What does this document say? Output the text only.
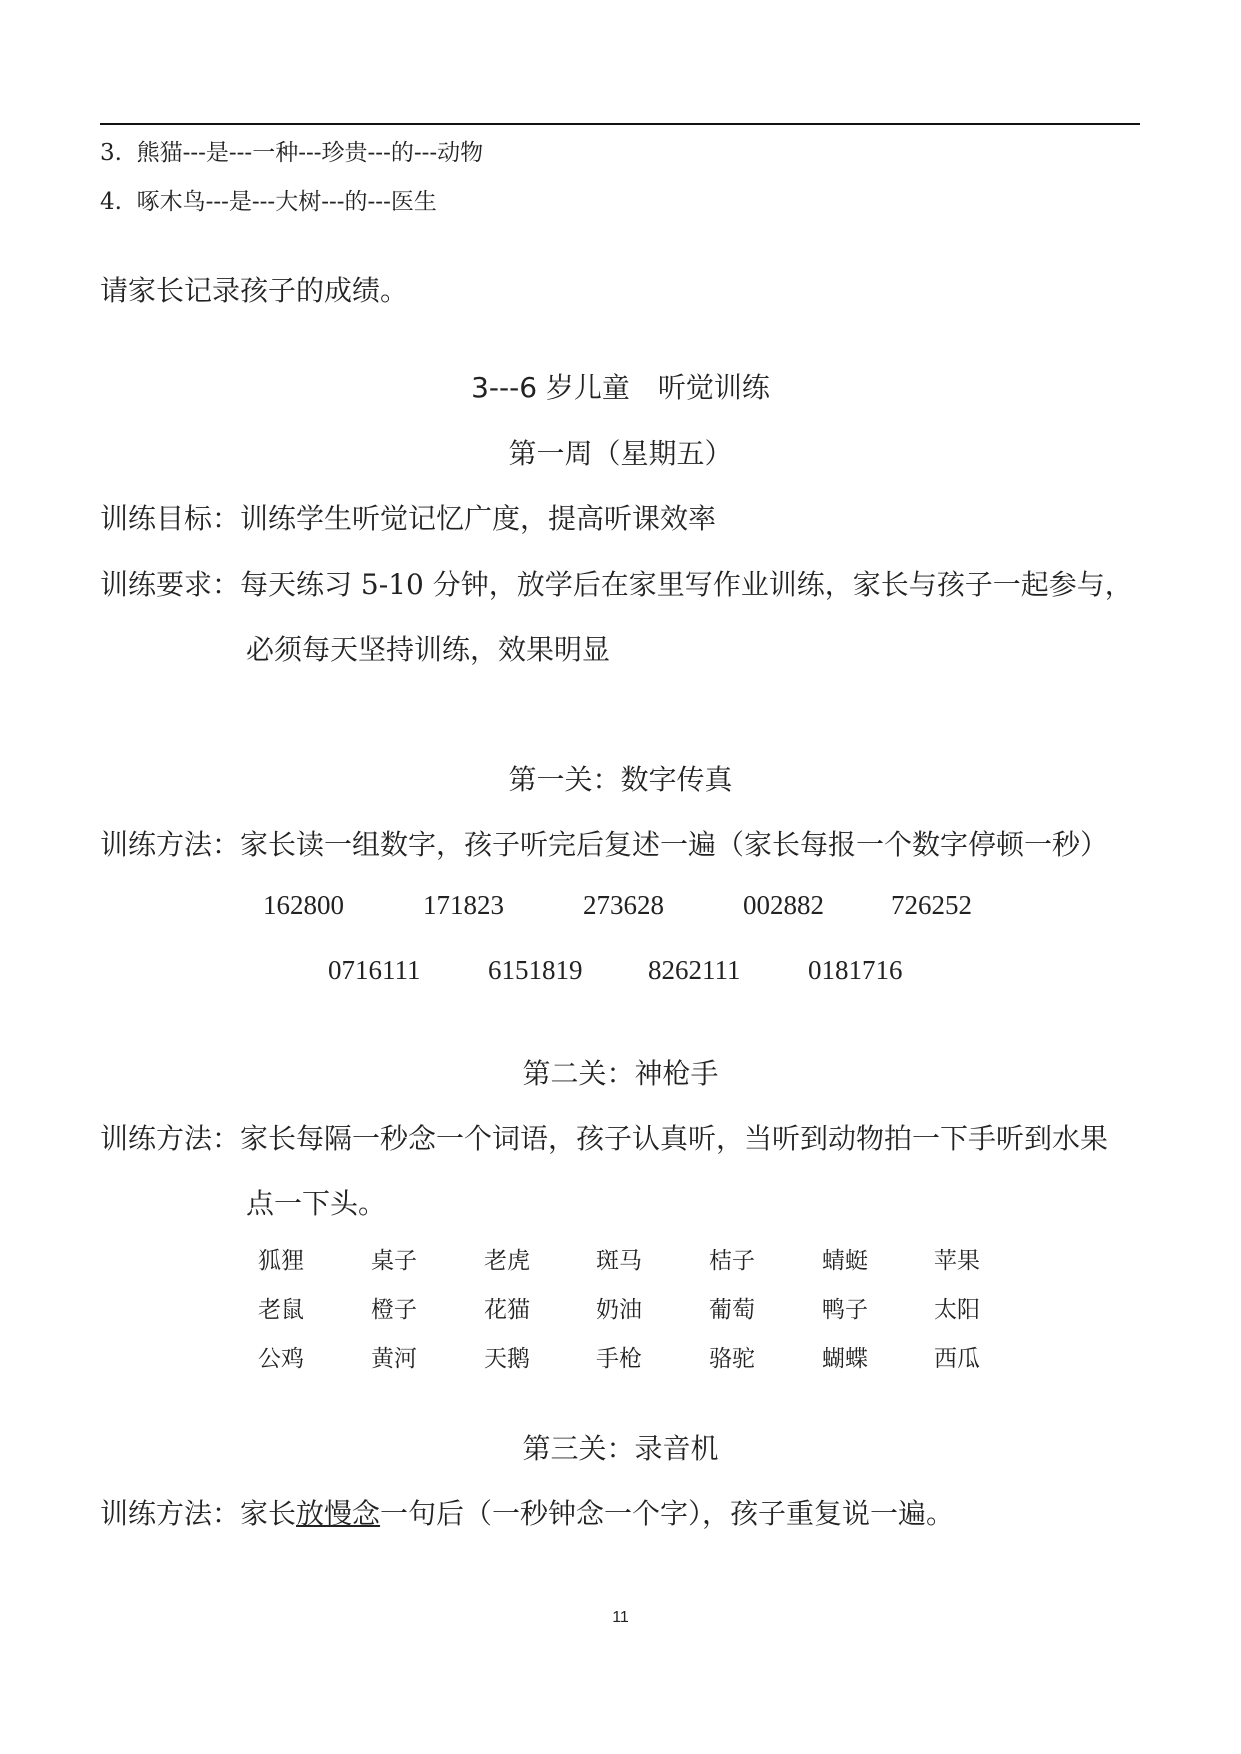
3. 熊猫---是---一种---珍贵---的---动物
4. 啄木鸟---是---大树---的---医生
请家长记录孩子的成绩。
3---6 岁儿童　听觉训练
第一周（星期五）
训练目标：训练学生听觉记忆广度，提高听课效率
训练要求：每天练习 5-10 分钟，放学后在家里写作业训练，家长与孩子一起参与，
必须每天坚持训练，效果明显
第一关：数字传真
训练方法：家长读一组数字，孩子听完后复述一遍（家长每报一个数字停顿一秒）
162800	171823	273628	002882 726252
0716111	6151819 8262111	0181716
第二关：神枪手
训练方法：家长每隔一秒念一个词语，孩子认真听，当听到动物拍一下手听到水果
点一下头。
狐狸	桌子	老虎	斑马	桔子	蜻蜓	苹果
老鼠	橙子	花猫	奶油	葡萄	鸭子	太阳
公鸡	黄河	天鹅	手枪	骆驼	蝴蝶	西瓜
第三关：录音机
训练方法：家长放慢念一句后（一秒钟念一个字），孩子重复说一遍。
11
